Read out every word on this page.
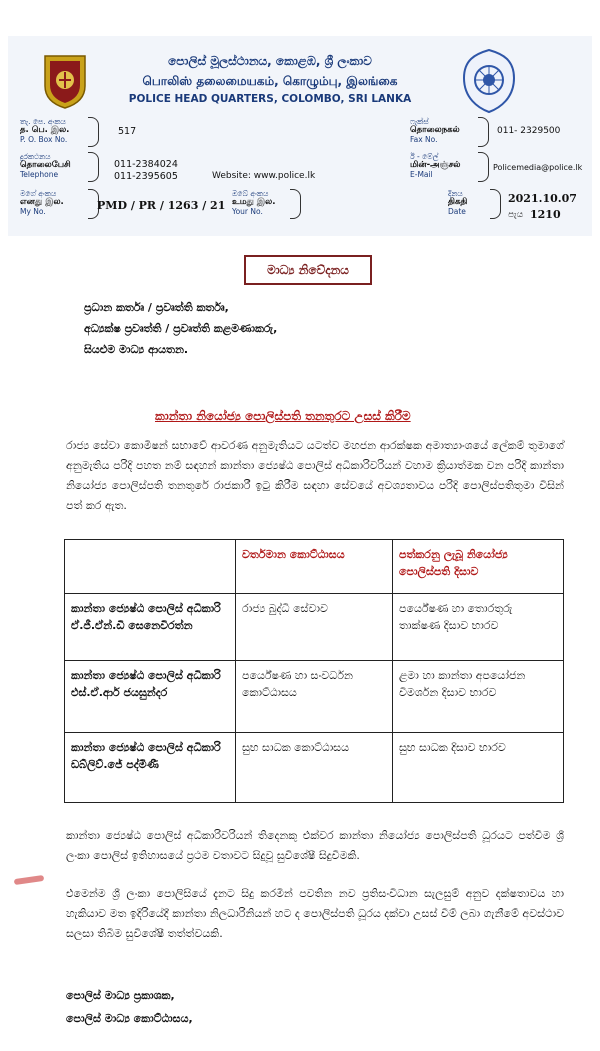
පොලිස් මූලස්ථානය, කොළඹ, ශ්‍රී ලංකාව
பொலிஸ் தலைமையகம், கொழும்பு, இலங்கை
POLICE HEAD QUARTERS, COLOMBO, SRI LANKA
තැ. පෙ. අංකය
த. பெ. இல.
P. O. Box No.
517
දුරකථනය
தொலைபேசி
Telephone
011-2384024
011-2395605	Website: www.police.lk
මගේ අංකය
எனது இல.
My No.	PMD / PR / 1263 / 21
ඔබේ අංකය
உமது இல.
Your No.
ෆැක්ස්
தொலைநகல்
Fax No.
011- 2329500
ඊ - මේල්
மின்-அஞ்சல்
E-Mail
Policemedia@police.lk
දිනය
திகதி
Date
2021.10.07
පැය 1210
මාධ්‍ය නිවේදනය
ප්‍රධාන කර්තෘ / ප්‍රවෘත්ති කර්තෘ,
අධ්‍යක්ෂ ප්‍රවෘත්ති / ප්‍රවෘත්ති කළමණාකරු,
සියළුම මාධ්‍ය ආයතන.
කාන්තා නියෝජ්‍ය පොලිස්පති තනතුරට උසස් කිරීම
රාජ්‍ය සේවා කොමිෂන් සභාවේ ආවරණ අනුමැතියට යටත්ව මහජන ආරක්ෂක අමාත්‍යාංශයේ ලේකම් තුමාගේ අනුමැතිය පරිදි පහත නම් සඳහන් කාන්තා ජ්‍යෙෂ්ඨ පොලිස් අධිකාරිවරියන් වහාම ක්‍රියාත්මක වන පරිදි කාන්තා නියෝජ්‍ය පොලිස්පති තනතුරේ රාජකාරී ඉටු කිරීම සඳහා සේවයේ අවශ්‍යතාවය පරිදි පොලිස්පතිතුමා විසින් පත් කර ඇත.
	වර්තමාන කොට්ඨාසය	පත්කරනු ලැබූ නියෝජ්‍ය පොලිස්පති දිසාව

කාන්තා ජ්‍යෙෂ්ඨ පොලිස් අධිකාරි
ඒ.ජී.ඒන්.ඩී සෙනෙවිරත්න	රාජ්‍ය බුද්ධි සේවාව	පර්යේෂණ හා තොරතුරු තාක්ෂණ දිසාව භාරව

කාන්තා ජ්‍යෙෂ්ඨ පොලිස් අධිකාරි
එස්.ඒ.ආර් ජයසුන්දර	පර්යේෂණ හා සංවර්ධන කොට්ඨාසය	ළමා හා කාන්තා අපයෝජන විමර්ශන දිසාව භාරව

කාන්තා ජ්‍යෙෂ්ඨ පොලිස් අධිකාරි
ඩබ්ලිව්.ජේ පද්මිණී	සුභ සාධක කොට්ඨාසය	සුභ සාධක දිසාව භාරව
කාන්තා ජ්‍යෙෂ්ඨ පොලිස් අධිකාරිවරියන් තිදෙනකු එක්වර කාන්තා නියෝජ්‍ය පොලිස්පති ධූරයට පත්වීම ශ්‍රී ලංකා පොලිස් ඉතිහාසයේ ප්‍රථම වතාවට සිදුවූ සුවිශේෂී සිදුවීමකි.
එමෙන්ම ශ්‍රී ලංකා පොලිසියේ දැනට සිදු කරමින් පවතින නව ප්‍රතිසංවිධාන සැලසුම් අනුව දක්ෂතාවය හා හැකියාව මත ඉදිරියේදී කාන්තා නිලධාරිනියන් හට ද පොලිස්පති ධූරය දක්වා උසස් වීම් ලබා ගැනීමේ අවස්ථාව සලසා තිබීම සුවිශේෂී තත්ත්වයකි.
පොලිස් මාධ්‍ය ප්‍රකාශක,
පොලිස් මාධ්‍ය කොට්ඨාසය,
